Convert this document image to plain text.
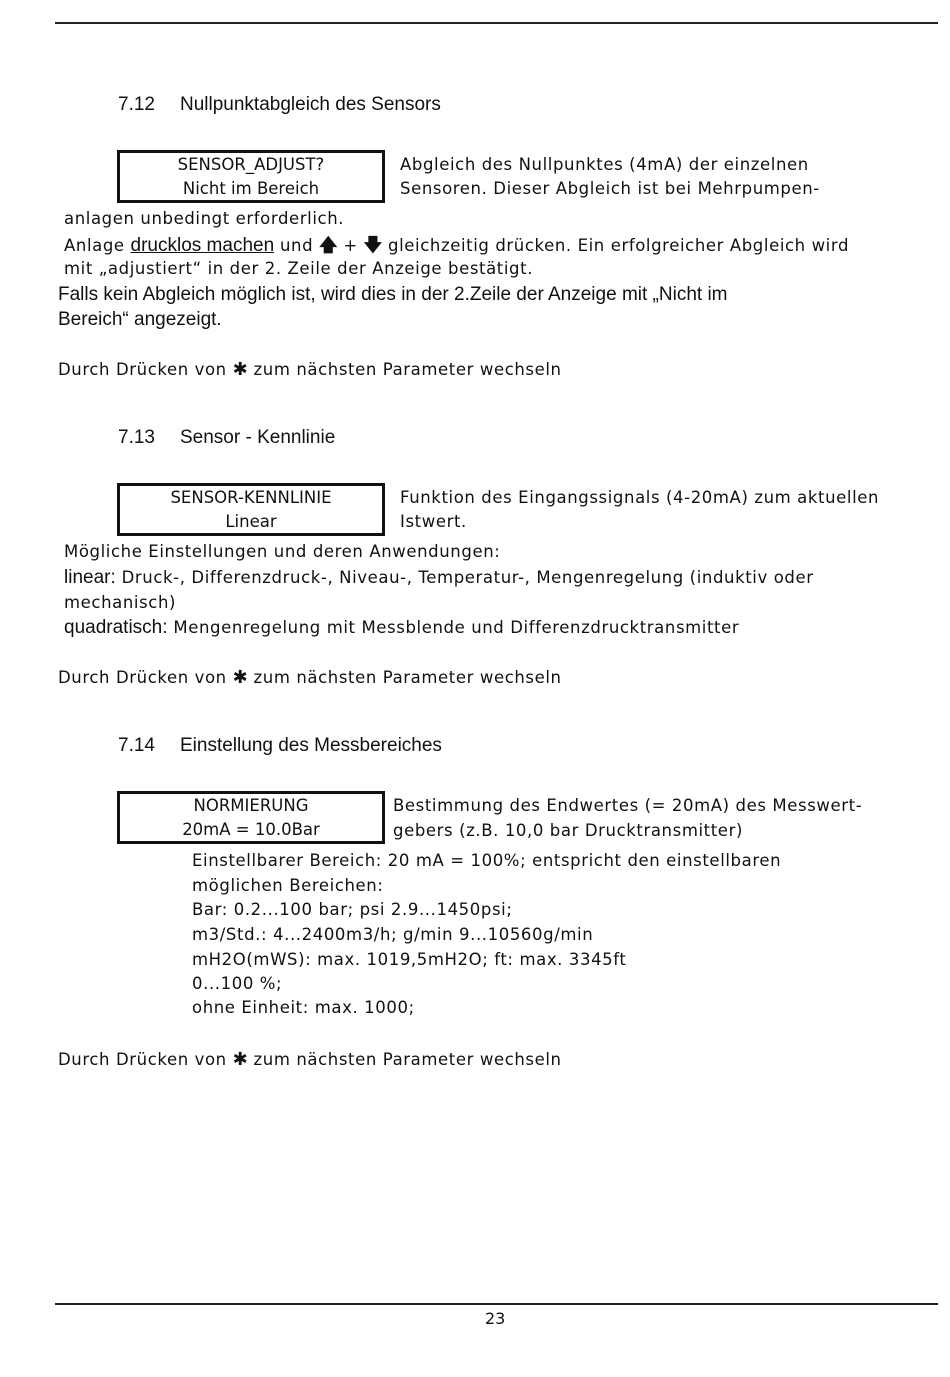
7.12 Nullpunktabgleich des Sensors
SENSOR_ADJUST?
Nicht im Bereich
Abgleich des Nullpunktes (4mA) der einzelnen
Sensoren. Dieser Abgleich ist bei Mehrpumpen-
anlagen unbedingt erforderlich.
Anlage drucklos machen und 🡅 + 🡇 gleichzeitig drücken. Ein erfolgreicher Abgleich wird
mit „adjustiert“ in der 2. Zeile der Anzeige bestätigt.
Falls kein Abgleich möglich ist, wird dies in der 2.Zeile der Anzeige mit „Nicht im
Bereich“ angezeigt.
Durch Drücken von ✱ zum nächsten Parameter wechseln
7.13 Sensor - Kennlinie
SENSOR-KENNLINIE
Linear
Funktion des Eingangssignals (4-20mA) zum aktuellen
Istwert.
Mögliche Einstellungen und deren Anwendungen:
linear: Druck-, Differenzdruck-, Niveau-, Temperatur-, Mengenregelung (induktiv oder
mechanisch)
quadratisch: Mengenregelung mit Messblende und Differenzdrucktransmitter
Durch Drücken von ✱ zum nächsten Parameter wechseln
7.14 Einstellung des Messbereiches
NORMIERUNG
20mA = 10.0Bar
Bestimmung des Endwertes (= 20mA) des Messwert-
gebers (z.B. 10,0 bar Drucktransmitter)
Einstellbarer Bereich: 20 mA = 100%; entspricht den einstellbaren
möglichen Bereichen:
Bar: 0.2...100 bar; psi 2.9...1450psi;
m3/Std.: 4...2400m3/h; g/min 9...10560g/min
mH2O(mWS): max. 1019,5mH2O; ft: max. 3345ft
0...100 %;
ohne Einheit: max. 1000;
Durch Drücken von ✱ zum nächsten Parameter wechseln
23
